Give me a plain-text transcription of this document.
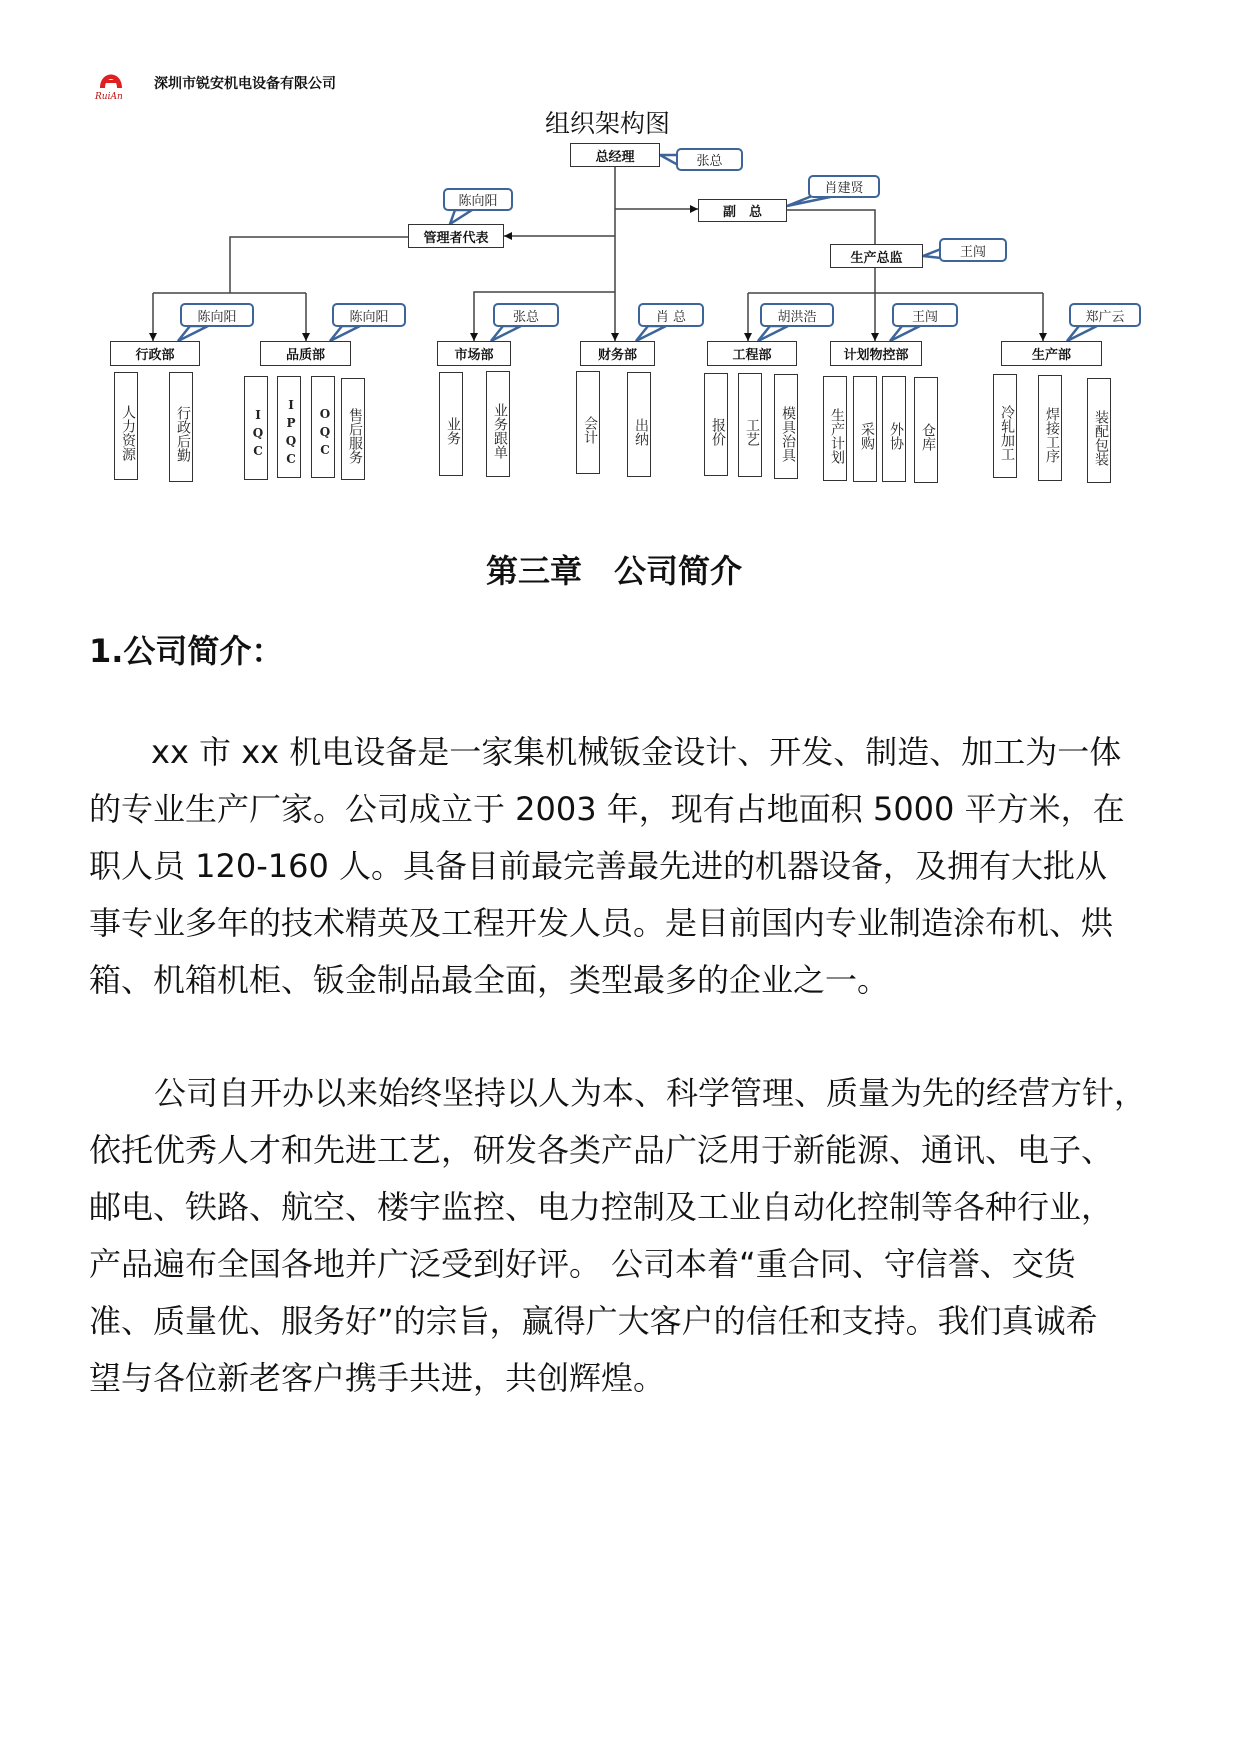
RuiAn
深圳市锐安机电设备有限公司
组织架构图
总经理	张总
副　总
肖建贤
管理者代表
陈向阳
生产总监	王闯
行政部
陈向阳
人力资源	行政后勤
品质部
陈向阳
IQC	IPQC	OQC	售后服务
市场部
张总
业务	业务跟单
财务部
肖 总
会计	出纳
工程部
胡洪浩
报价	工艺	模具治具
计划物控部
王闯
生产计划	采购 外协	仓库
生产部
郑广云
冷轧加工	焊接工序	装配包装
第三章　公司简介
1.公司简介：
xx 市 xx 机电设备是一家集机械钣金设计、开发、制造、加工为一体
的专业生产厂家。公司成立于 2003 年，现有占地面积 5000 平方米，在
职人员 120-160 人。具备目前最完善最先进的机器设备，及拥有大批从
事专业多年的技术精英及工程开发人员。是目前国内专业制造涂布机、烘
箱、机箱机柜、钣金制品最全面，类型最多的企业之一。
公司自开办以来始终坚持以人为本、科学管理、质量为先的经营方针，
依托优秀人才和先进工艺，研发各类产品广泛用于新能源、通讯、电子、
邮电、铁路、航空、楼宇监控、电力控制及工业自动化控制等各种行业，
产品遍布全国各地并广泛受到好评。 公司本着“重合同、守信誉、交货
准、质量优、服务好”的宗旨，赢得广大客户的信任和支持。我们真诚希
望与各位新老客户携手共进，共创辉煌。
